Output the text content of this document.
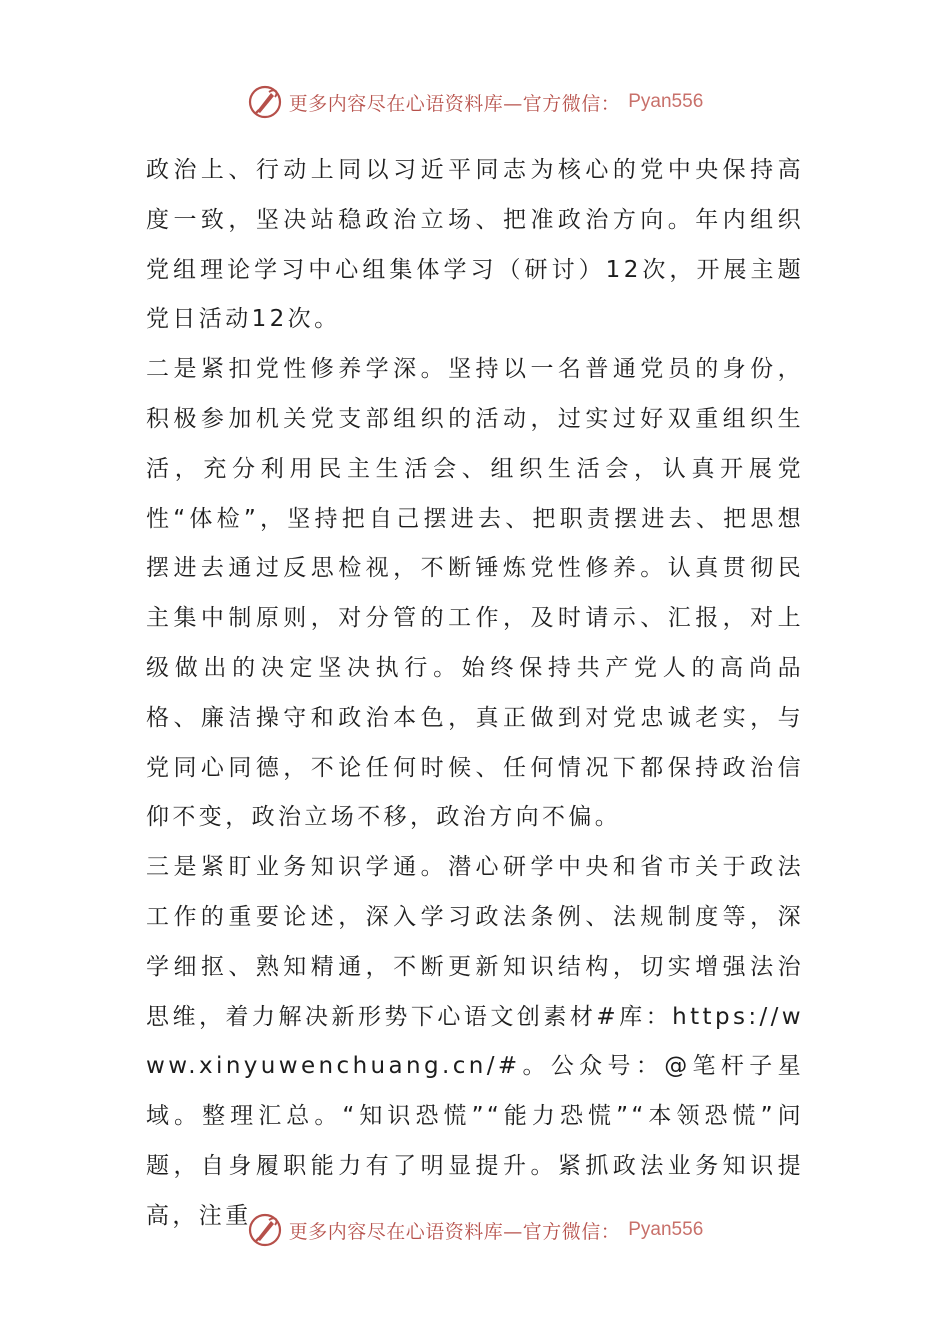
更多内容尽在心语资料库—官方微信： Pyan556

政治上、行动上同以习近平同志为核心的党中央保持高度一致，坚决站稳政治立场、把准政治方向。年内组织党组理论学习中心组集体学习（研讨）12次，开展主题党日活动12次。

二是紧扣党性修养学深。坚持以一名普通党员的身份，积极参加机关党支部组织的活动，过实过好双重组织生活，充分利用民主生活会、组织生活会，认真开展党性“体检”，坚持把自己摆进去、把职责摆进去、把思想摆进去通过反思检视，不断锤炼党性修养。认真贯彻民主集中制原则，对分管的工作，及时请示、汇报，对上级做出的决定坚决执行。始终保持共产党人的高尚品格、廉洁操守和政治本色，真正做到对党忠诚老实，与党同心同德，不论任何时候、任何情况下都保持政治信仰不变，政治立场不移，政治方向不偏。

三是紧盯业务知识学通。潜心研学中央和省市关于政法工作的重要论述，深入学习政法条例、法规制度等，深学细抠、熟知精通，不断更新知识结构，切实增强法治思维，着力解决新形势下心语文创素材#库：https://www.xinyuwenchuang.cn/#。公众号：@笔杆子星域。整理汇总。“知识恐慌”“能力恐慌”“本领恐慌”问题，自身履职能力有了明显提升。紧抓政法业务知识提高，注重

更多内容尽在心语资料库—官方微信： Pyan556
